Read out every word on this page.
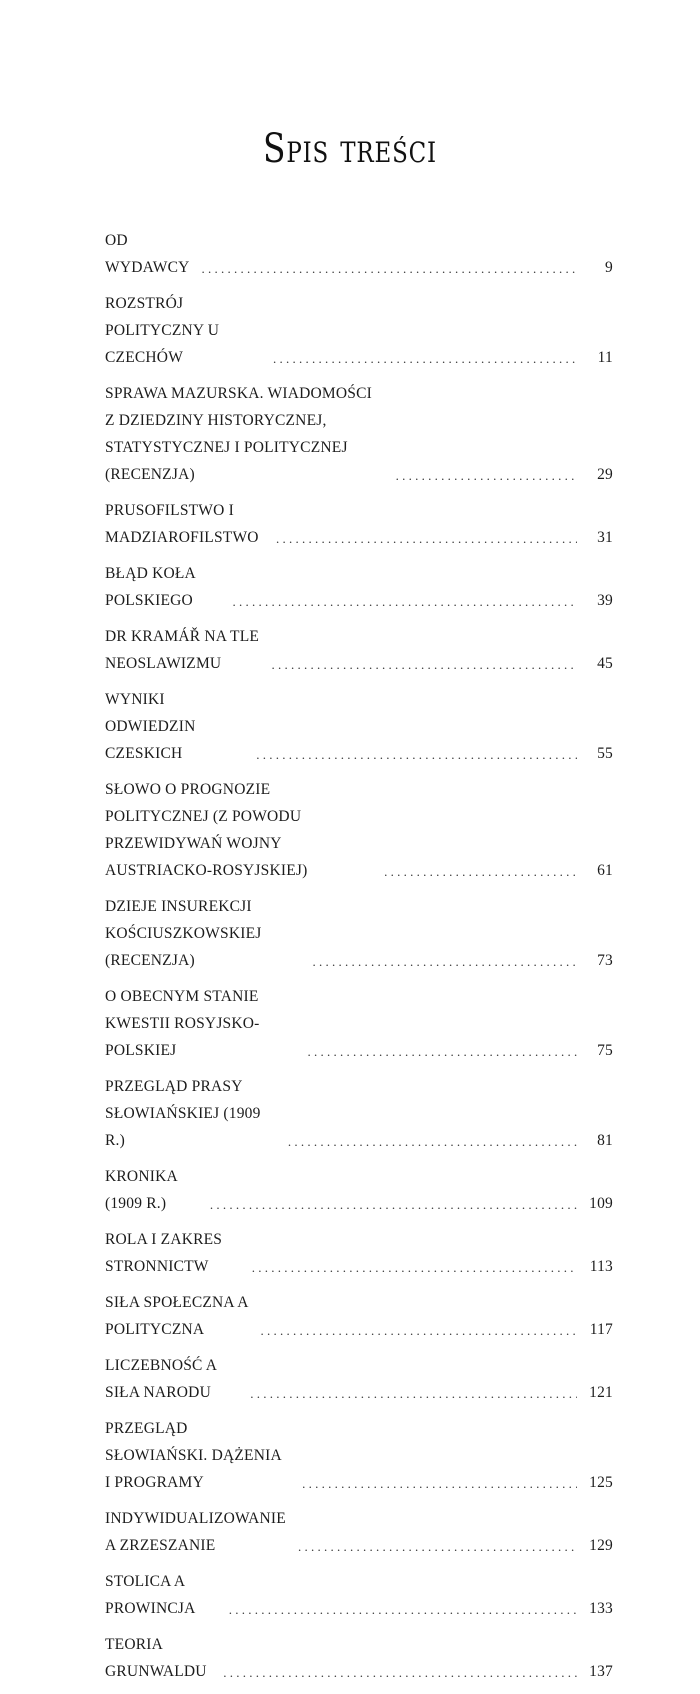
Spis treści
OD WYDAWCY . . .	9
ROZSTRÓJ POLITYCZNY U CZECHÓW . . .	11
SPRAWA MAZURSKA. WIADOMOŚCI Z DZIEDZINY HISTORYCZNEJ, STATYSTYCZNEJ I POLITYCZNEJ (RECENZJA) . . .	29
PRUSOFILSTWO I MADZIAROFILSTWO . . .	31
BŁĄD KOŁA POLSKIEGO . . .	39
DR KRAMÁŘ NA TLE NEOSLAWIZMU . . .	45
WYNIKI ODWIEDZIN CZESKICH . . .	55
SŁOWO O PROGNOZIE POLITYCZNEJ (Z POWODU PRZEWIDYWAŃ WOJNY AUSTRIACKO-ROSYJSKIEJ) . . .	61
DZIEJE INSUREKCJI KOŚCIUSZKOWSKIEJ (RECENZJA) . . .	73
O OBECNYM STANIE KWESTII ROSYJSKO-POLSKIEJ . . .	75
PRZEGLĄD PRASY SŁOWIAŃSKIEJ (1909 R.) . . .	81
KRONIKA (1909 R.) . . .	109
ROLA I ZAKRES STRONNICTW . . .	113
SIŁA SPOŁECZNA A POLITYCZNA . . .	117
LICZEBNOŚĆ A SIŁA NARODU . . .	121
PRZEGLĄD SŁOWIAŃSKI. DĄŻENIA I PROGRAMY . . .	125
INDYWIDUALIZOWANIE A ZRZESZANIE . . .	129
STOLICA A PROWINCJA . . .	133
TEORIA GRUNWALDU . . .	137
